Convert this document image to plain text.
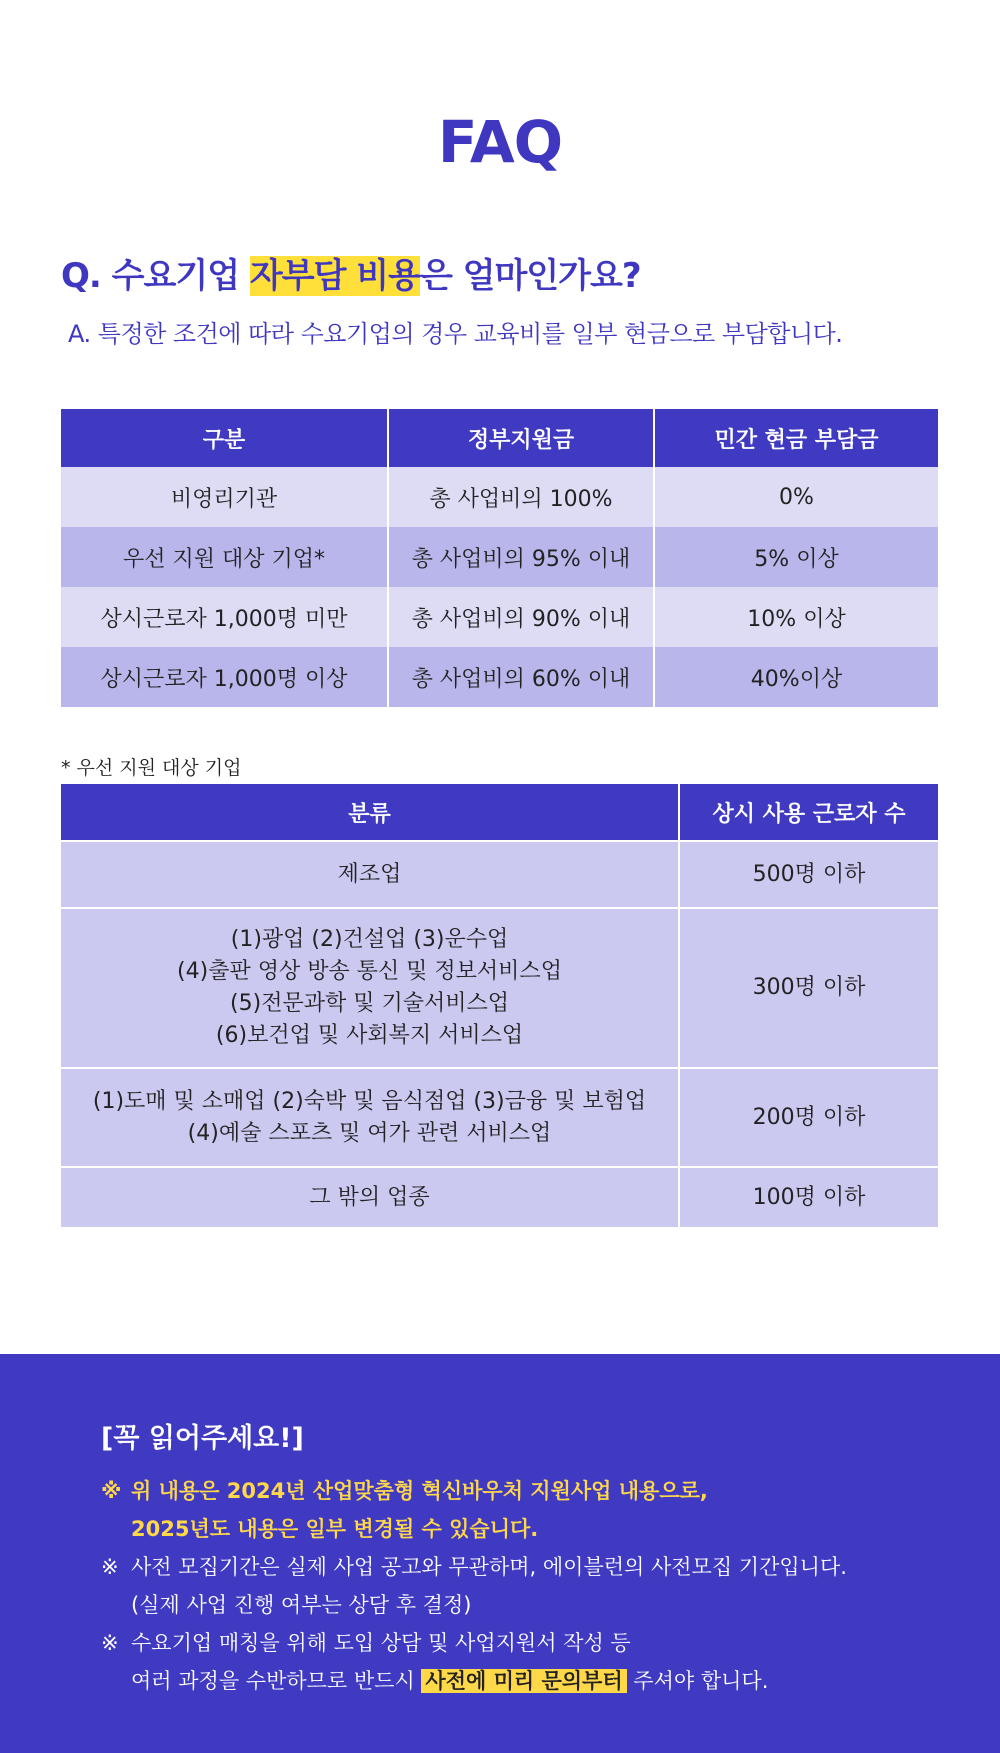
FAQ
Q. 수요기업 자부담 비용은 얼마인가요?
A. 특정한 조건에 따라 수요기업의 경우 교육비를 일부 현금으로 부담합니다.
구분	정부지원금	민간 현금 부담금
비영리기관	총 사업비의 100%	0%
우선 지원 대상 기업*	총 사업비의 95% 이내	5% 이상
상시근로자 1,000명 미만	총 사업비의 90% 이내	10% 이상
상시근로자 1,000명 이상	총 사업비의 60% 이내	40%이상
* 우선 지원 대상 기업
분류	상시 사용 근로자 수

제조업	500명 이하

(1)광업 (2)건설업 (3)운수업
(4)출판 영상 방송 통신 및 정보서비스업
(5)전문과학 및 기술서비스업
(6)보건업 및 사회복지 서비스업	300명 이하

(1)도매 및 소매업 (2)숙박 및 음식점업 (3)금융 및 보험업
(4)예술 스포츠 및 여가 관련 서비스업	200명 이하

그 밖의 업종	100명 이하
[꼭 읽어주세요!]
※ 위 내용은 2024년 산업맞춤형 혁신바우처 지원사업 내용으로,
2025년도 내용은 일부 변경될 수 있습니다.
※ 사전 모집기간은 실제 사업 공고와 무관하며, 에이블런의 사전모집 기간입니다.
(실제 사업 진행 여부는 상담 후 결정)
※ 수요기업 매칭을 위해 도입 상담 및 사업지원서 작성 등
여러 과정을 수반하므로 반드시 사전에 미리 문의부터 주셔야 합니다.
